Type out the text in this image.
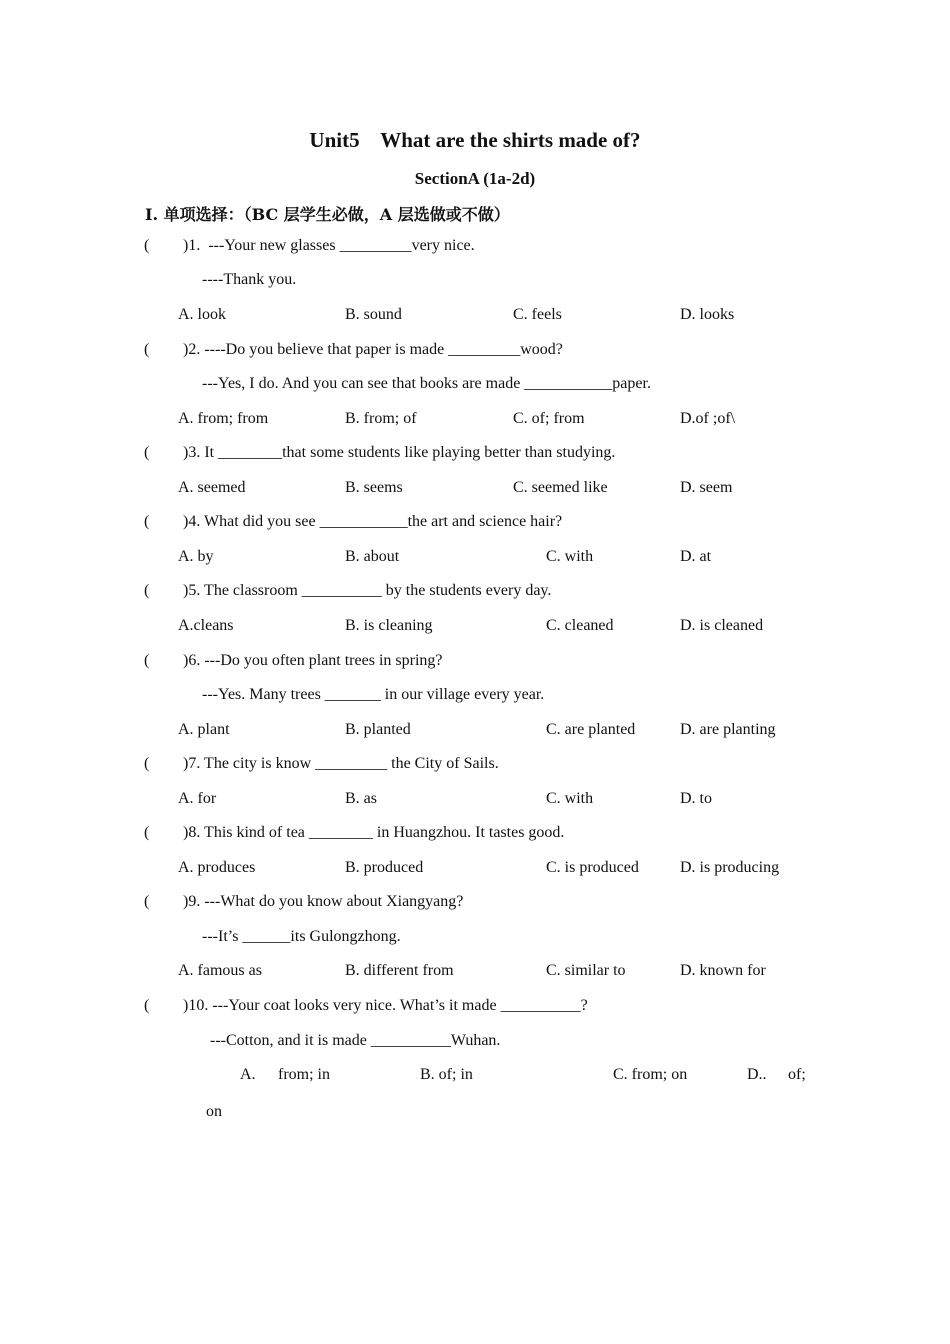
Unit5    What are the shirts made of?
SectionA (1a-2d)
I. 单项选择：（BC 层学生必做，A 层选做或不做）
( )1.  ---Your new glasses _________very nice.
----Thank you.
A. look	B. sound	C. feels	D. looks
( )2. ----Do you believe that paper is made _________wood?
---Yes, I do. And you can see that books are made ___________paper.
A. from; from	B. from; of	C. of; from	D.of ;of\
( )3. It ________that some students like playing better than studying.
A. seemed	B. seems	C. seemed like	D. seem
( )4. What did you see ___________the art and science hair?
A. by	B. about	C. with	D. at
( )5. The classroom __________ by the students every day.
A.cleans	B. is cleaning	C. cleaned	D. is cleaned
( )6. ---Do you often plant trees in spring?
---Yes. Many trees _______ in our village every year.
A. plant	B. planted	C. are planted	D. are planting
( )7. The city is know _________ the City of Sails.
A. for	B. as	C. with	D. to
( )8. This kind of tea ________ in Huangzhou. It tastes good.
A. produces	B. produced	C. is produced	D. is producing
( )9. ---What do you know about Xiangyang?
---It’s ______its Gulongzhong.
A. famous as	B. different from	C. similar to	D. known for
( )10. ---Your coat looks very nice. What’s it made __________?
---Cotton, and it is made __________Wuhan.
A. from; in	B. of; in	C. from; on	D.. of;
on
